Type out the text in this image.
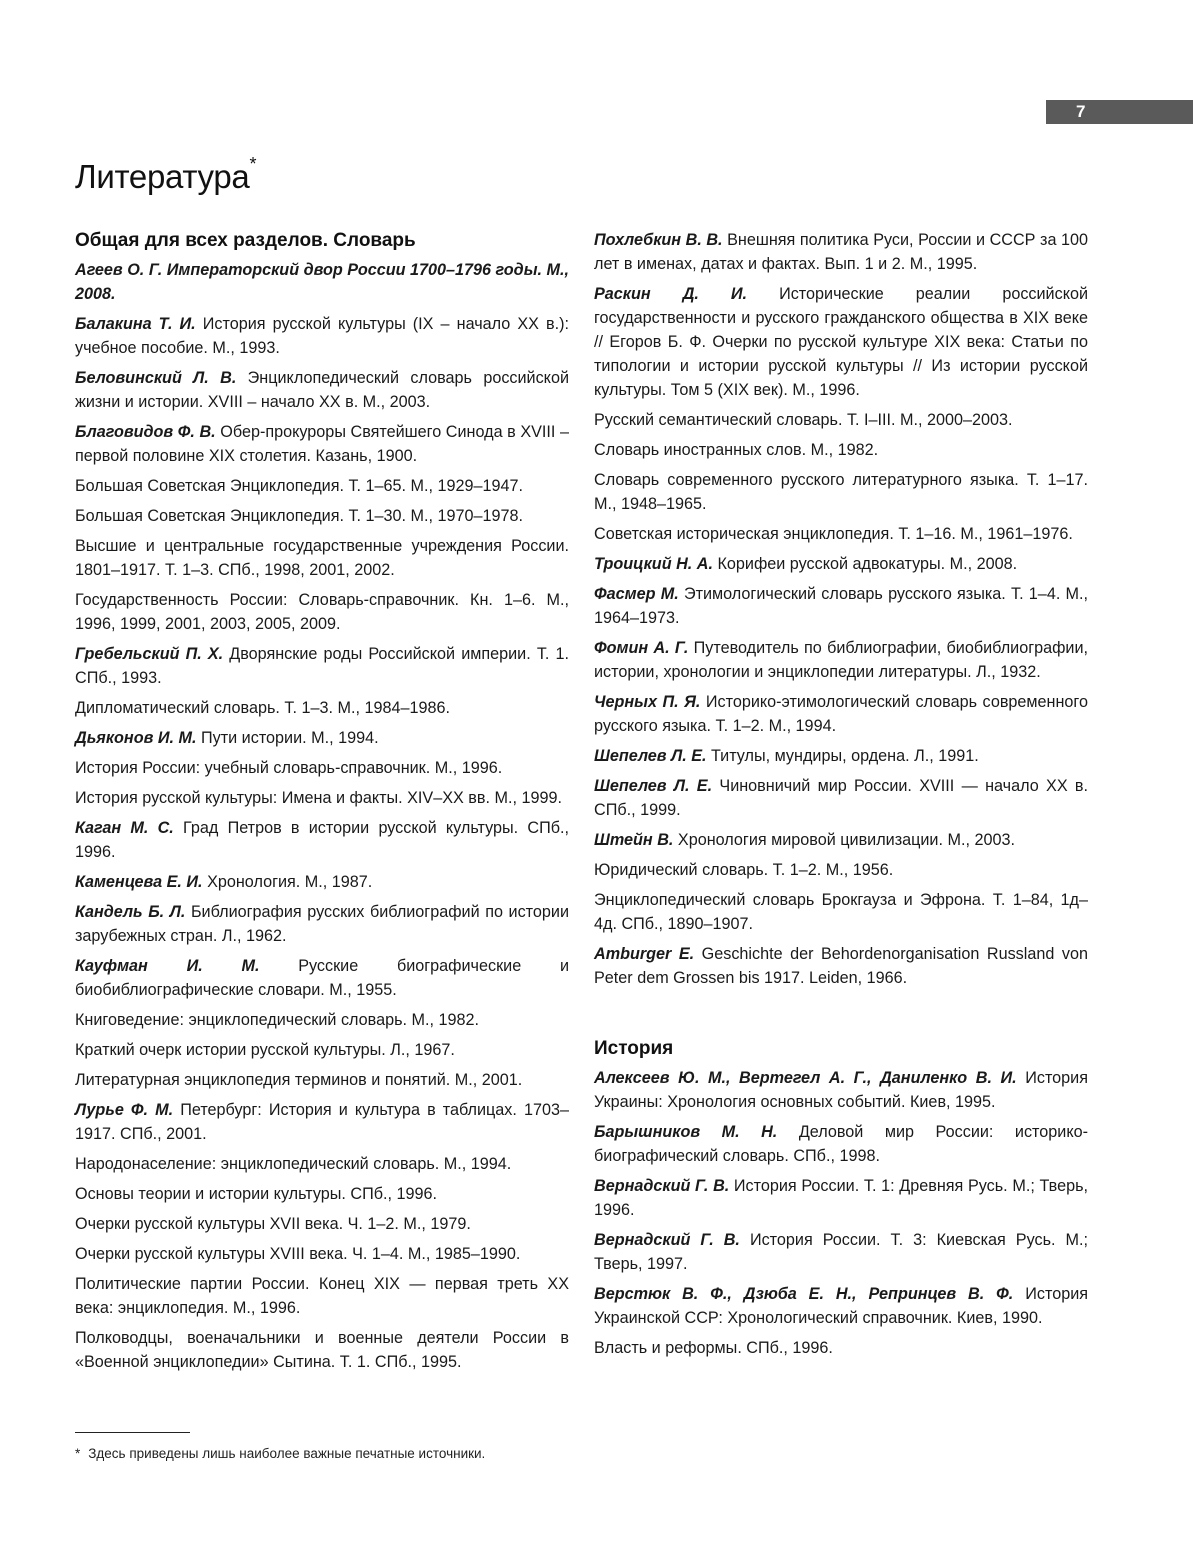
7
Литература*
Общая для всех разделов. Словарь

Агеев О. Г. Императорский двор России 1700–1796 годы. М., 2008.

Балакина Т. И. История русской культуры (IX – начало XX в.): учебное пособие. М., 1993.

Беловинский Л. В. Энциклопедический словарь российской жизни и истории. XVIII – начало XX в. М., 2003.

Благовидов Ф. В. Обер-прокуроры Святейшего Синода в XVIII – первой половине XIX столетия. Казань, 1900.

Большая Советская Энциклопедия. Т. 1–65. М., 1929–1947.

Большая Советская Энциклопедия. Т. 1–30. М., 1970–1978.

Высшие и центральные государственные учреждения России. 1801–1917. Т. 1–3. СПб., 1998, 2001, 2002.

Государственность России: Словарь-справочник. Кн. 1–6. М., 1996, 1999, 2001, 2003, 2005, 2009.

Гребельский П. Х. Дворянские роды Российской империи. Т. 1. СПб., 1993.

Дипломатический словарь. Т. 1–3. М., 1984–1986.

Дьяконов И. М. Пути истории. М., 1994.

История России: учебный словарь-справочник. М., 1996.

История русской культуры: Имена и факты. XIV–XX вв. М., 1999.

Каган М. С. Град Петров в истории русской культуры. СПб., 1996.

Каменцева Е. И. Хронология. М., 1987.

Кандель Б. Л. Библиография русских библиографий по истории зарубежных стран. Л., 1962.

Кауфман И. М. Русские биографические и биобиблиографические словари. М., 1955.

Книговедение: энциклопедический словарь. М., 1982.

Краткий очерк истории русской культуры. Л., 1967.

Литературная энциклопедия терминов и понятий. М., 2001.

Лурье Ф. М. Петербург: История и культура в таблицах. 1703–1917. СПб., 2001.

Народонаселение: энциклопедический словарь. М., 1994.

Основы теории и истории культуры. СПб., 1996.

Очерки русской культуры XVII века. Ч. 1–2. М., 1979.

Очерки русской культуры XVIII века. Ч. 1–4. М., 1985–1990.

Политические партии России. Конец XIX — первая треть XX века: энциклопедия. М., 1996.

Полководцы, военачальники и военные деятели России в «Военной энциклопедии» Сытина. Т. 1. СПб., 1995.

Похлебкин В. В. Внешняя политика Руси, России и СССР за 100 лет в именах, датах и фактах. Вып. 1 и 2. М., 1995.

Раскин Д. И. Исторические реалии российской государственности и русского гражданского общества в XIX веке // Егоров Б. Ф. Очерки по русской культуре XIX века: Статьи по типологии и истории русской культуры // Из истории русской культуры. Том 5 (XIX век). М., 1996.

Русский семантический словарь. Т. I–III. М., 2000–2003.

Словарь иностранных слов. М., 1982.

Словарь современного русского литературного языка. Т. 1–17. М., 1948–1965.

Советская историческая энциклопедия. Т. 1–16. М., 1961–1976.

Троицкий Н. А. Корифеи русской адвокатуры. М., 2008.

Фасмер М. Этимологический словарь русского языка. Т. 1–4. М., 1964–1973.

Фомин А. Г. Путеводитель по библиографии, биобиблиографии, истории, хронологии и энциклопедии литературы. Л., 1932.

Черных П. Я. Историко-этимологический словарь современного русского языка. Т. 1–2. М., 1994.

Шепелев Л. Е. Титулы, мундиры, ордена. Л., 1991.

Шепелев Л. Е. Чиновничий мир России. XVIII — начало XX в. СПб., 1999.

Штейн В. Хронология мировой цивилизации. М., 2003.

Юридический словарь. Т. 1–2. М., 1956.

Энциклопедический словарь Брокгауза и Эфрона. Т. 1–84, 1д–4д. СПб., 1890–1907.

Amburger E. Geschichte der Behordenorganisation Russland von Peter dem Grossen bis 1917. Leiden, 1966.

История

Алексеев Ю. М., Вертегел А. Г., Даниленко В. И. История Украины: Хронология основных событий. Киев, 1995.

Барышников М. Н. Деловой мир России: историко-биографический словарь. СПб., 1998.

Вернадский Г. В. История России. Т. 1: Древняя Русь. М.; Тверь, 1996.

Вернадский Г. В. История России. Т. 3: Киевская Русь. М.; Тверь, 1997.

Верстюк В. Ф., Дзюба Е. Н., Репринцев В. Ф. История Украинской ССР: Хронологический справочник. Киев, 1990.

Власть и реформы. СПб., 1996.

* Здесь приведены лишь наиболее важные печатные источники.
